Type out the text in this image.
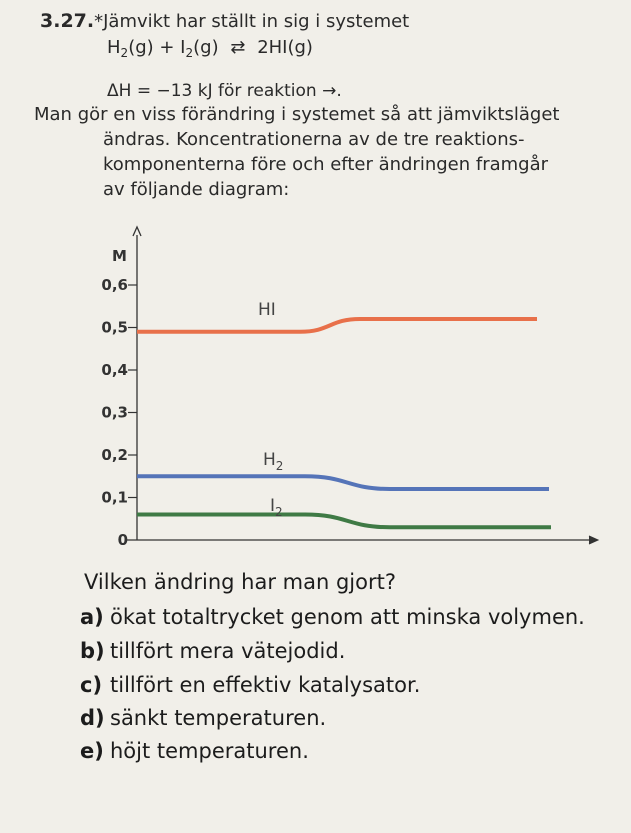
3.27.*Jämvikt har ställt in sig i systemet
$H_2(g) + I_2(g)$ ⇄ 2HI(g)
ΔH = −13 kJ för reaktion →.
Man gör en viss förändring i systemet så att jämviktsläget
ändras. Koncentrationerna av de tre reaktions-
komponenterna före och efter ändringen framgår
av följande diagram:
M
0
0,1
0,2
0,3
0,4
0,5
0,6
HI
$H_2$
$I_2$
Vilken ändring har man gjort?
a) ökat totaltrycket genom att minska volymen.
b) tillfört mera vätejodid.
c) tillfört en effektiv katalysator.
d) sänkt temperaturen.
e) höjt temperaturen.
